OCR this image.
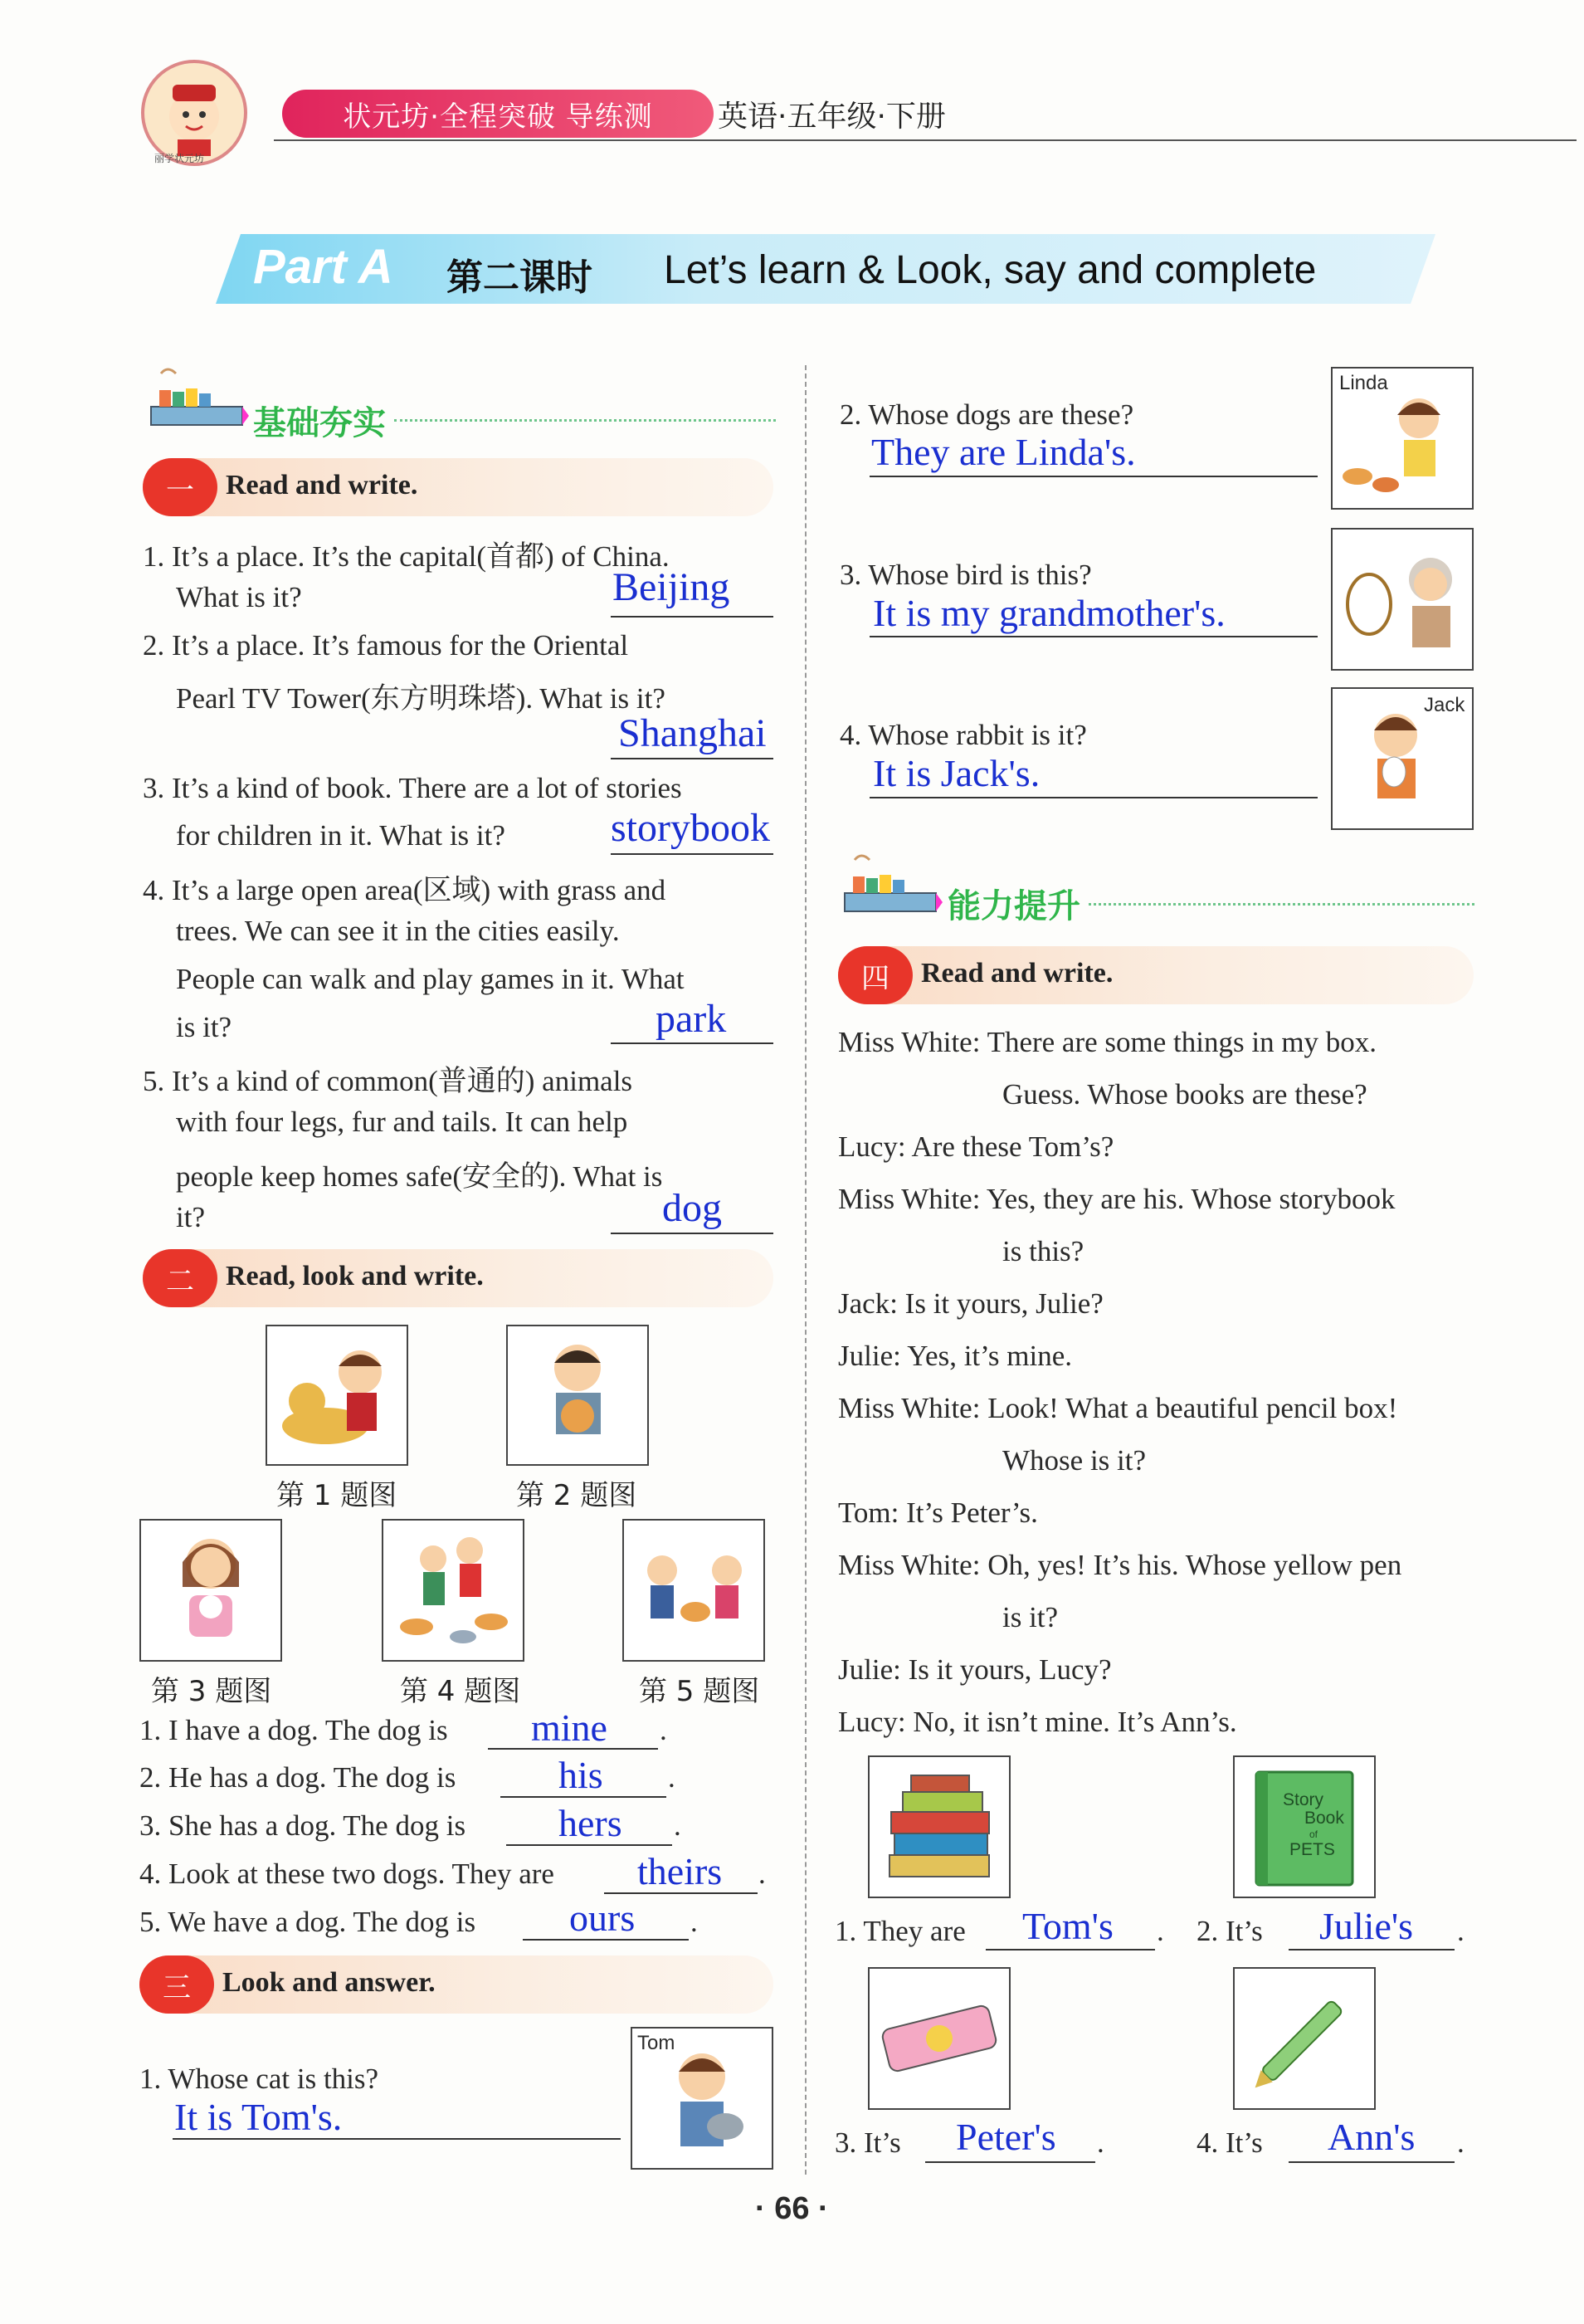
丽学状元坊
状元坊·全程突破 导练测	英语·五年级·下册
Part A 第二课时 Let’s learn & Look, say and complete
基础夯实
一	Read and write.
1. It’s a place. It’s the capital(首都) of China.
What is it?	Beijing
2. It’s a place. It’s famous for the Oriental
Pearl TV Tower(东方明珠塔). What is it?
Shanghai
3. It’s a kind of book. There are a lot of stories
for children in it. What is it?	storybook
4. It’s a large open area(区域) with grass and
trees. We can see it in the cities easily.
People can walk and play games in it. What
is it?	park
5. It’s a kind of common(普通的) animals
with four legs, fur and tails. It can help
people keep homes safe(安全的). What is
it?	dog
二	Read, look and write.
第 1 题图	第 2 题图
第 3 题图	第 4 题图	第 5 题图
1. I have a dog. The dog is mine .
2. He has a dog. The dog is	his .
3. She has a dog. The dog is hers .
4. Look at these two dogs. They are theirs .
5. We have a dog. The dog is ours .
三	Look and answer.
1. Whose cat is this?
It is Tom's.
Tom
2. Whose dogs are these?
They are Linda's.
Linda
3. Whose bird is this?
It is my grandmother's.
4. Whose rabbit is it?
It is Jack's.
Jack
能力提升
四	Read and write.
Miss White: There are some things in my box.
Guess. Whose books are these?
Lucy: Are these Tom’s?
Miss White: Yes, they are his. Whose storybook
is this?
Jack: Is it yours, Julie?
Julie: Yes, it’s mine.
Miss White: Look! What a beautiful pencil box!
Whose is it?
Tom: It’s Peter’s.
Miss White: Oh, yes! It’s his. Whose yellow pen
is it?
Julie: Is it yours, Lucy?
Lucy: No, it isn’t mine. It’s Ann’s.
Story
Book
of
PETS
1. They are Tom's . 2. It’s Julie's .
3. It’s Peter's .	4. It’s Ann's .
· 66 ·
